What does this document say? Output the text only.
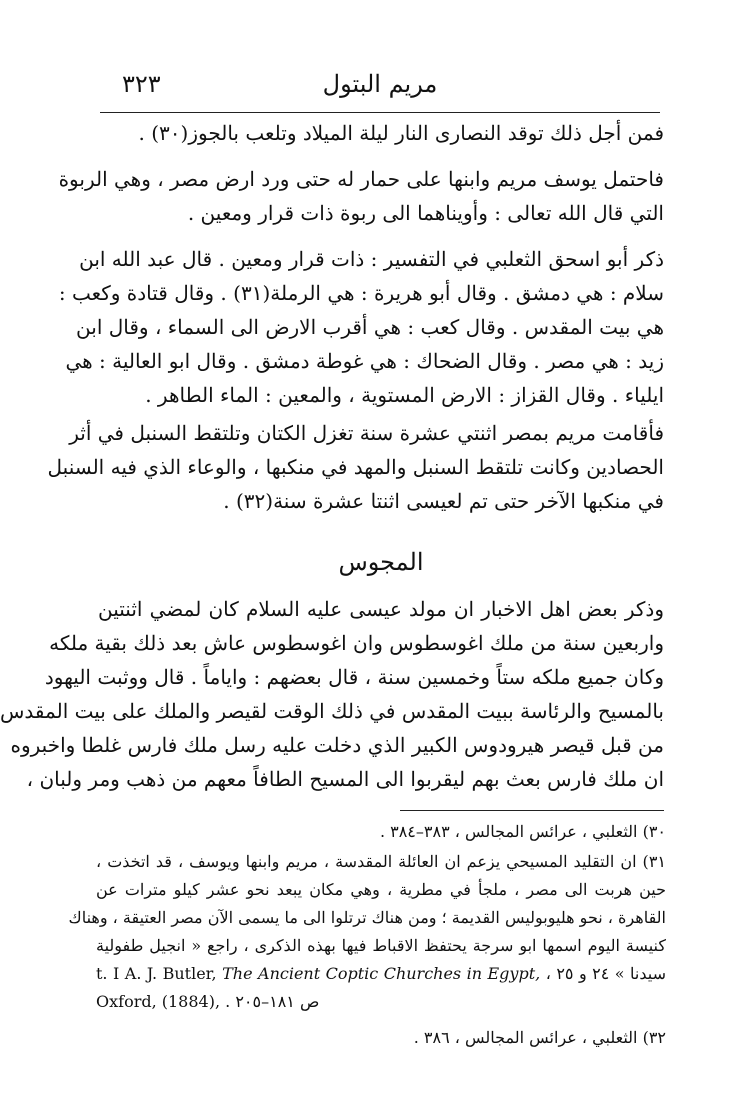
٣٢٣	مريم البتول
فمن أجل ذلك توقد النصارى النار ليلة الميلاد وتلعب بالجوز(٣٠) .
فاحتمل يوسف مريم وابنها على حمار له حتى ورد ارض مصر ، وهي الربوة
التي قال الله تعالى : وأويناهما الى ربوة ذات قرار ومعين .
ذكر أبو اسحق الثعلبي في التفسير : ذات قرار ومعين . قال عبد الله ابن
سلام : هي دمشق . وقال أبو هريرة : هي الرملة(٣١) . وقال قتادة وكعب :
هي بيت المقدس . وقال كعب : هي أقرب الارض الى السماء ، وقال ابن
زيد : هي مصر . وقال الضحاك : هي غوطة دمشق . وقال ابو العالية : هي
ايلياء . وقال القزاز : الارض المستوية ، والمعين : الماء الطاهر .
فأقامت مريم بمصر اثنتي عشرة سنة تغزل الكتان وتلتقط السنبل في أثر
الحصادين وكانت تلتقط السنبل والمهد في منكبها ، والوعاء الذي فيه السنبل
في منكبها الآخر حتى تم لعيسى اثنتا عشرة سنة(٣٢) .
المجوس
وذكر بعض اهل الاخبار ان مولد عيسى عليه السلام كان لمضي اثنتين
واربعين سنة من ملك اغوسطوس وان اغوسطوس عاش بعد ذلك بقية ملكه
وكان جميع ملكه ستاً وخمسين سنة ، قال بعضهم : واياماً . قال ووثبت اليهود
بالمسيح والرئاسة ببيت المقدس في ذلك الوقت لقيصر والملك على بيت المقدس
من قبل قيصر هيرودوس الكبير الذي دخلت عليه رسل ملك فارس غلطا واخبروه
ان ملك فارس بعث بهم ليقربوا الى المسيح الطافاً معهم من ذهب ومر ولبان ،
٣٠) الثعلبي ، عرائس المجالس ، ٣٨٣–٣٨٤ .
٣١) ان التقليد المسيحي يزعم ان العائلة المقدسة ، مريم وابنها ويوسف ، قد اتخذت ،
حين هربت الى مصر ، ملجأ في مطرية ، وهي مكان يبعد نحو عشر كيلو مترات عن
القاهرة ، نحو هليوبوليس القديمة ؛ ومن هناك ترتلوا الى ما يسمى الآن مصر العتيقة ، وهناك
كنيسة اليوم اسمها ابو سرجة يحتفظ الاقباط فيها بهذه الذكرى ، راجع « انجيل طفولية
سيدنا » ٢٤ و ٢٥ ، t. I A. J. Butler, The Ancient Coptic Churches in Egypt,
ص ١٨١–٢٠٥ . Oxford, (1884),
٣٢) الثعلبي ، عرائس المجالس ، ٣٨٦ .
